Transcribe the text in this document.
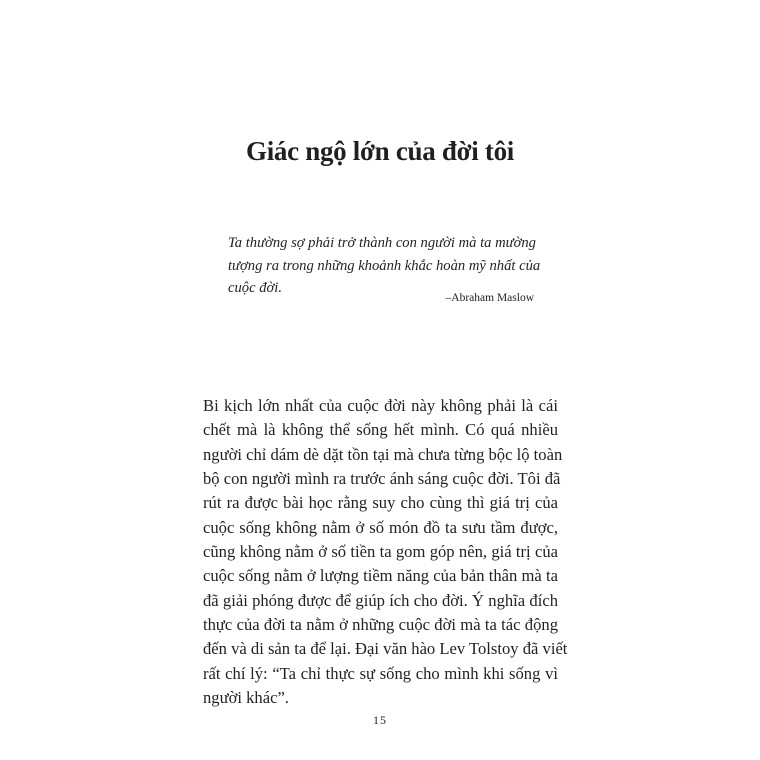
Giác ngộ lớn của đời tôi
Ta thường sợ phải trở thành con người mà ta mường
tượng ra trong những khoảnh khắc hoàn mỹ nhất của
cuộc đời.
–Abraham Maslow
Bi kịch lớn nhất của cuộc đời này không phải là cái
chết mà là không thể sống hết mình. Có quá nhiều
người chỉ dám dè dặt tồn tại mà chưa từng bộc lộ toàn
bộ con người mình ra trước ánh sáng cuộc đời. Tôi đã
rút ra được bài học rằng suy cho cùng thì giá trị của
cuộc sống không nằm ở số món đồ ta sưu tầm được,
cũng không nằm ở số tiền ta gom góp nên, giá trị của
cuộc sống nằm ở lượng tiềm năng của bản thân mà ta
đã giải phóng được để giúp ích cho đời. Ý nghĩa đích
thực của đời ta nằm ở những cuộc đời mà ta tác động
đến và di sản ta để lại. Đại văn hào Lev Tolstoy đã viết
rất chí lý: “Ta chỉ thực sự sống cho mình khi sống vì
người khác”.
15
